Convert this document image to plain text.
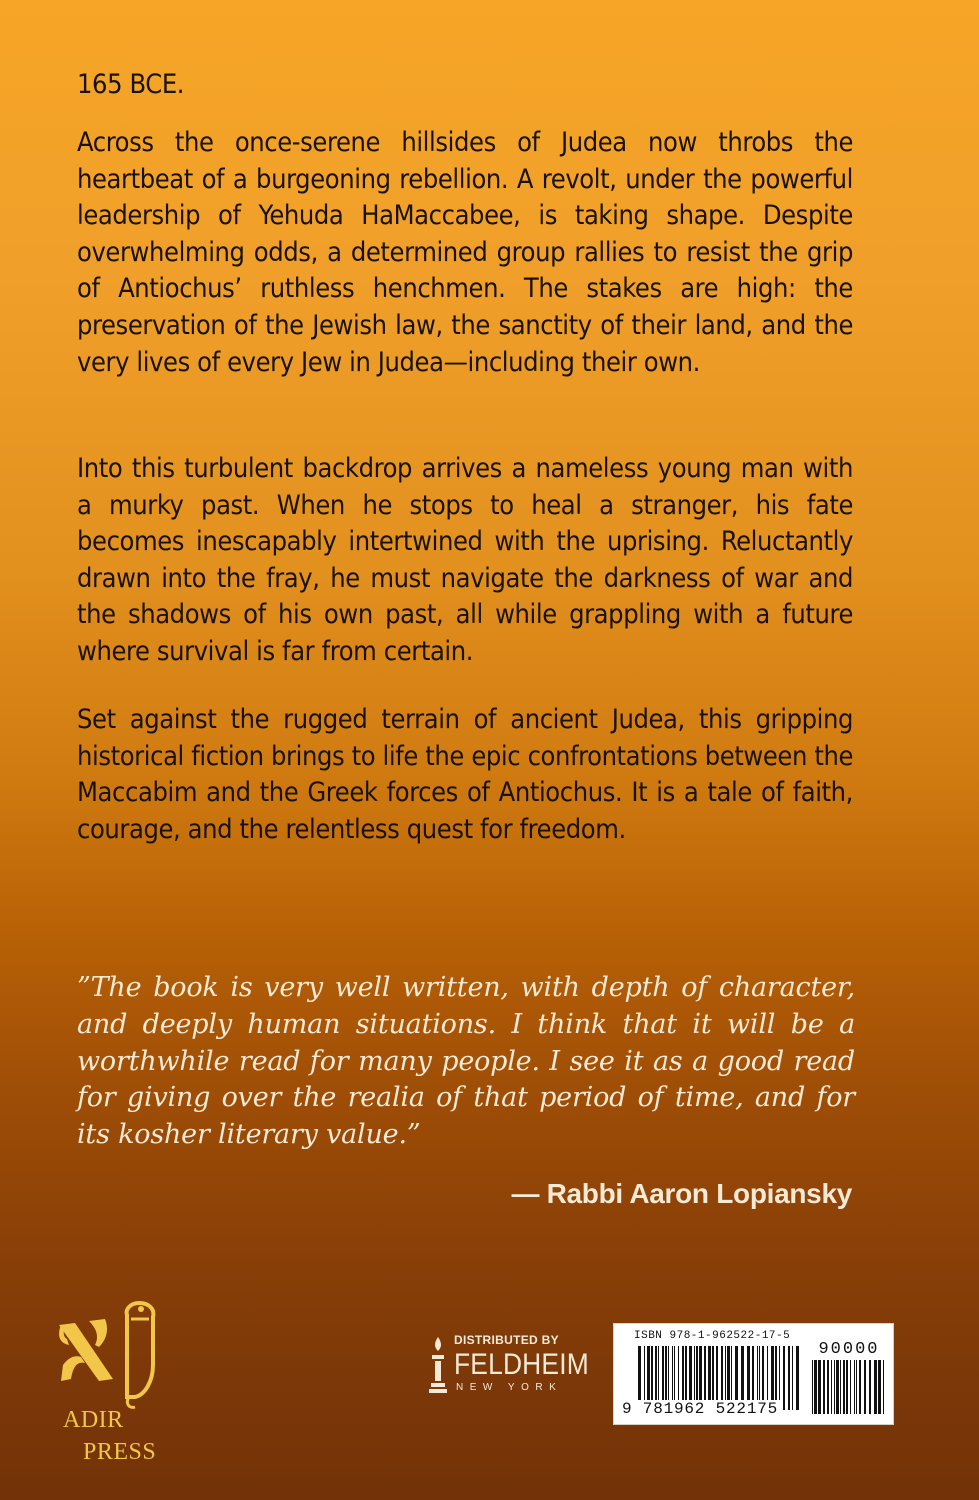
165 BCE.

Across the once-serene hillsides of Judea now throbs the heartbeat of a burgeoning rebellion. A revolt, under the powerful leadership of Yehuda HaMaccabee, is taking shape. Despite overwhelming odds, a determined group rallies to resist the grip of Antiochus’ ruthless henchmen. The stakes are high: the preservation of the Jewish law, the sanctity of their land, and the very lives of every Jew in Judea—including their own.

Into this turbulent backdrop arrives a nameless young man with a murky past. When he stops to heal a stranger, his fate becomes inescapably intertwined with the uprising. Reluctantly drawn into the fray, he must navigate the darkness of war and the shadows of his own past, all while grappling with a future where survival is far from certain.

Set against the rugged terrain of ancient Judea, this gripping historical fiction brings to life the epic confrontations between the Maccabim and the Greek forces of Antiochus. It is a tale of faith, courage, and the relentless quest for freedom.

”The book is very well written, with depth of character, and deeply human situations. I think that it will be a worthwhile read for many people. I see it as a good read for giving over the realia of that period of time, and for its kosher literary value.”

— Rabbi Aaron Lopiansky
ADIR
PRESS
DISTRIBUTED BY
FELDHEIM
NEW YORK
ISBN 978-1-962522-17-5
90000
9 781962 522175
